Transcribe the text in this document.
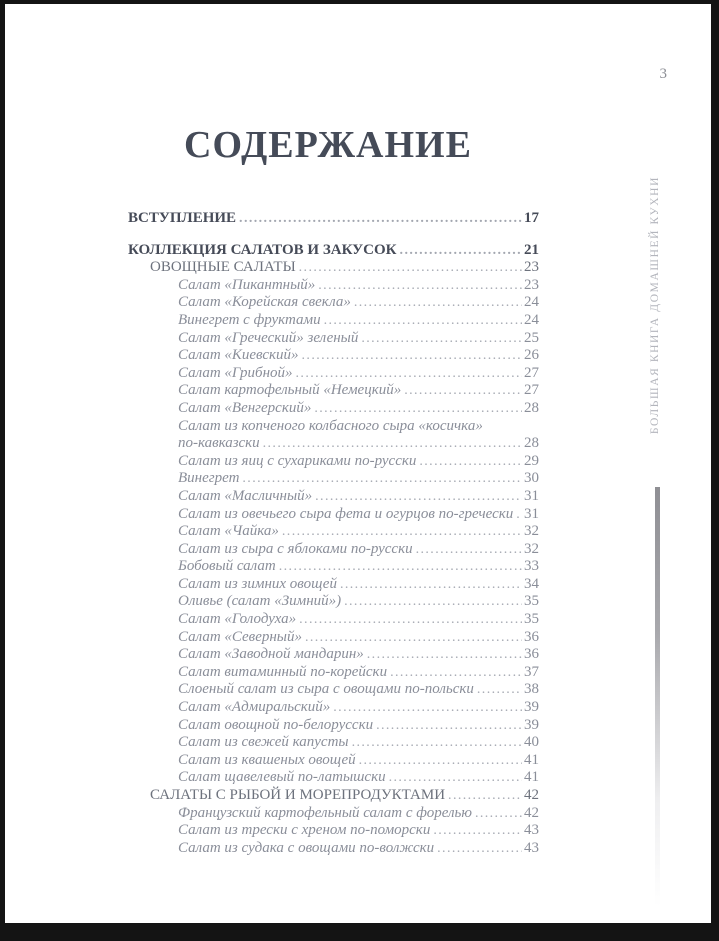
3
СОДЕРЖАНИЕ
ВСТУПЛЕНИЕ .....	17
КОЛЛЕКЦИЯ САЛАТОВ И ЗАКУСОК .....	21
ОВОЩНЫЕ САЛАТЫ .....	23
Салат «Пикантный» .....	23
Салат «Корейская свекла» .....	24
Винегрет с фруктами .....	24
Салат «Греческий» зеленый .....	25
Салат «Киевский» .....	26
Салат «Грибной» .....	27
Салат картофельный «Немецкий» .....	27
Салат «Венгерский» .....	28
Салат из копченого колбасного сыра «косичка»
по-кавказски .....	28
Салат из яиц с сухариками по-русски .....	29
Винегрет .....	30
Салат «Масличный» .....	31
Салат из овечьего сыра фета и огурцов по-гречески ..... 31
Салат «Чайка» .....	32
Салат из сыра с яблоками по-русски .....	32
Бобовый салат .....	33
Салат из зимних овощей .....	34
Оливье (салат «Зимний») .....	35
Салат «Голодуха» .....	35
Салат «Северный» .....	36
Салат «Заводной мандарин» .....	36
Салат витаминный по-корейски .....	37
Слоеный салат из сыра с овощами по-польски .....	38
Салат «Адмиральский» .....	39
Салат овощной по-белорусски .....	39
Салат из свежей капусты .....	40
Салат из квашеных овощей .....	41
Салат щавелевый по-латышски .....	41
САЛАТЫ С РЫБОЙ И МОРЕПРОДУКТАМИ .....	42
Французский картофельный салат с форелью .....	42
Салат из трески с хреном по-поморски .....	43
Салат из судака с овощами по-волжски .....	43
БОЛЬШАЯ КНИГА ДОМАШНЕЙ КУХНИ
